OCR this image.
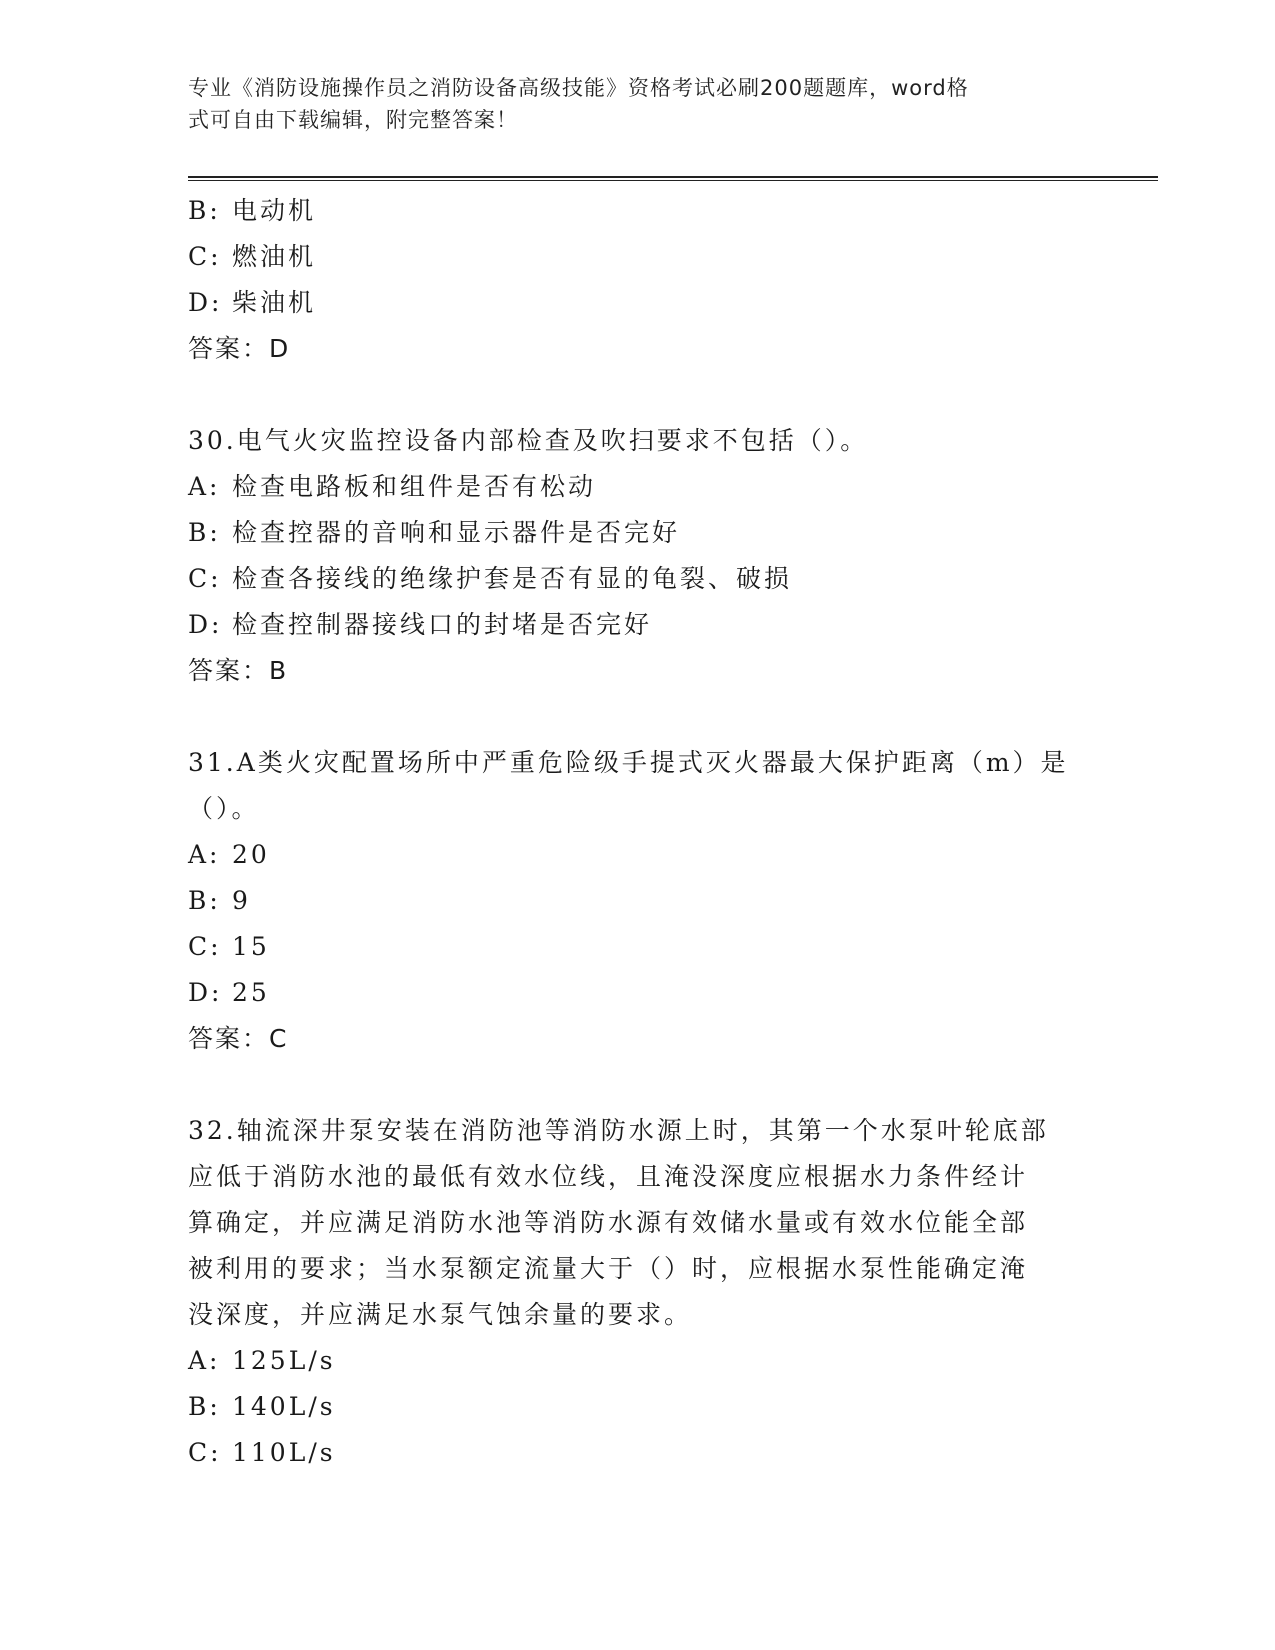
专业《消防设施操作员之消防设备高级技能》资格考试必刷200题题库，word格
式可自由下载编辑，附完整答案！
B: 电动机
C: 燃油机
D: 柴油机
答案：D
30.电气火灾监控设备内部检查及吹扫要求不包括（）。
A: 检查电路板和组件是否有松动
B: 检查控器的音响和显示器件是否完好
C: 检查各接线的绝缘护套是否有显的龟裂、破损
D: 检查控制器接线口的封堵是否完好
答案：B
31.A类火灾配置场所中严重危险级手提式灭火器最大保护距离（m）是
（）。
A: 20
B: 9
C: 15
D: 25
答案：C
32.轴流深井泵安装在消防池等消防水源上时，其第一个水泵叶轮底部
应低于消防水池的最低有效水位线，且淹没深度应根据水力条件经计
算确定，并应满足消防水池等消防水源有效储水量或有效水位能全部
被利用的要求；当水泵额定流量大于（）时，应根据水泵性能确定淹
没深度，并应满足水泵气蚀余量的要求。
A: 125L/s
B: 140L/s
C: 110L/s
